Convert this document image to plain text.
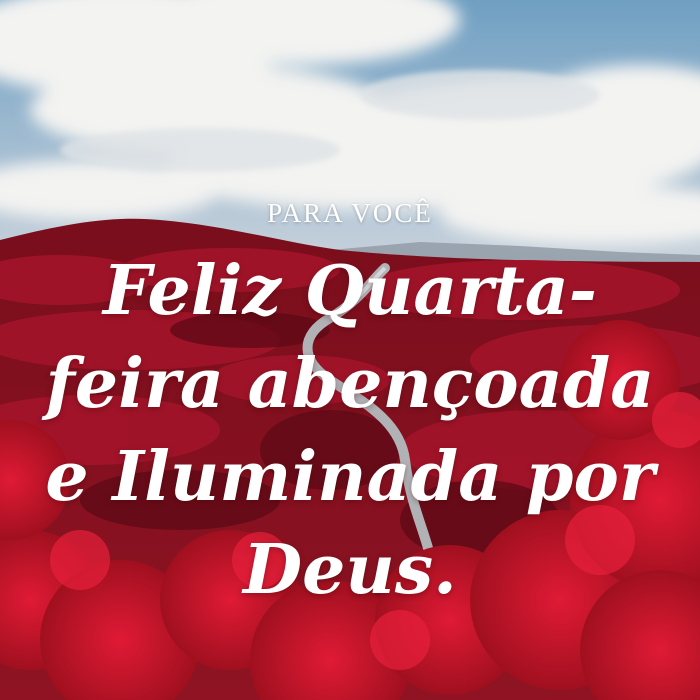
PARA VOCÊ
Feliz Quarta-feira abençoada e Iluminada por Deus.
